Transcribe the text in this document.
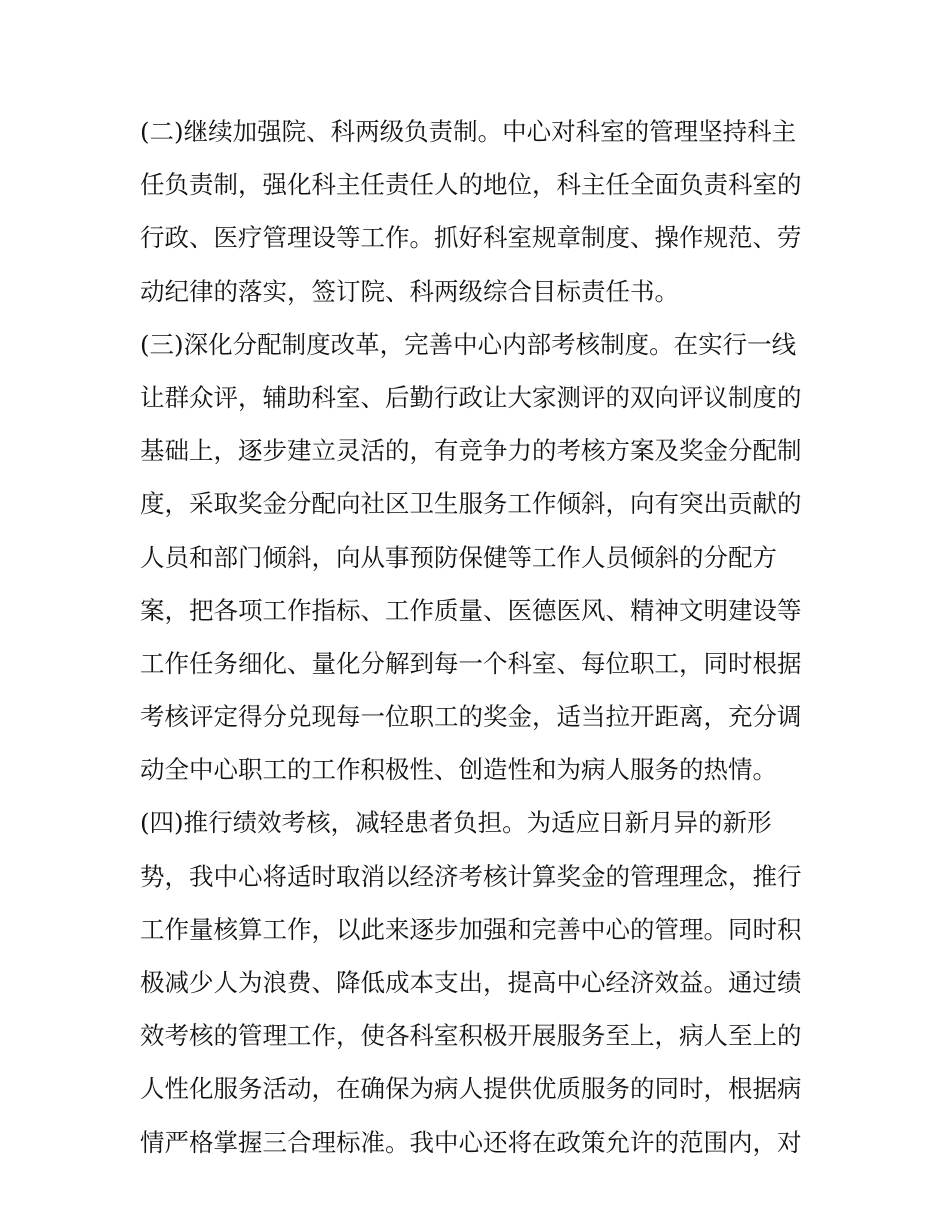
(二)继续加强院、科两级负责制。中心对科室的管理坚持科主
任负责制，强化科主任责任人的地位，科主任全面负责科室的
行政、医疗管理设等工作。抓好科室规章制度、操作规范、劳
动纪律的落实，签订院、科两级综合目标责任书。
(三)深化分配制度改革，完善中心内部考核制度。在实行一线
让群众评，辅助科室、后勤行政让大家测评的双向评议制度的
基础上，逐步建立灵活的，有竞争力的考核方案及奖金分配制
度，采取奖金分配向社区卫生服务工作倾斜，向有突出贡献的
人员和部门倾斜，向从事预防保健等工作人员倾斜的分配方
案，把各项工作指标、工作质量、医德医风、精神文明建设等
工作任务细化、量化分解到每一个科室、每位职工，同时根据
考核评定得分兑现每一位职工的奖金，适当拉开距离，充分调
动全中心职工的工作积极性、创造性和为病人服务的热情。
(四)推行绩效考核，减轻患者负担。为适应日新月异的新形
势，我中心将适时取消以经济考核计算奖金的管理理念，推行
工作量核算工作，以此来逐步加强和完善中心的管理。同时积
极减少人为浪费、降低成本支出，提高中心经济效益。通过绩
效考核的管理工作，使各科室积极开展服务至上，病人至上的
人性化服务活动，在确保为病人提供优质服务的同时，根据病
情严格掌握三合理标准。我中心还将在政策允许的范围内，对
